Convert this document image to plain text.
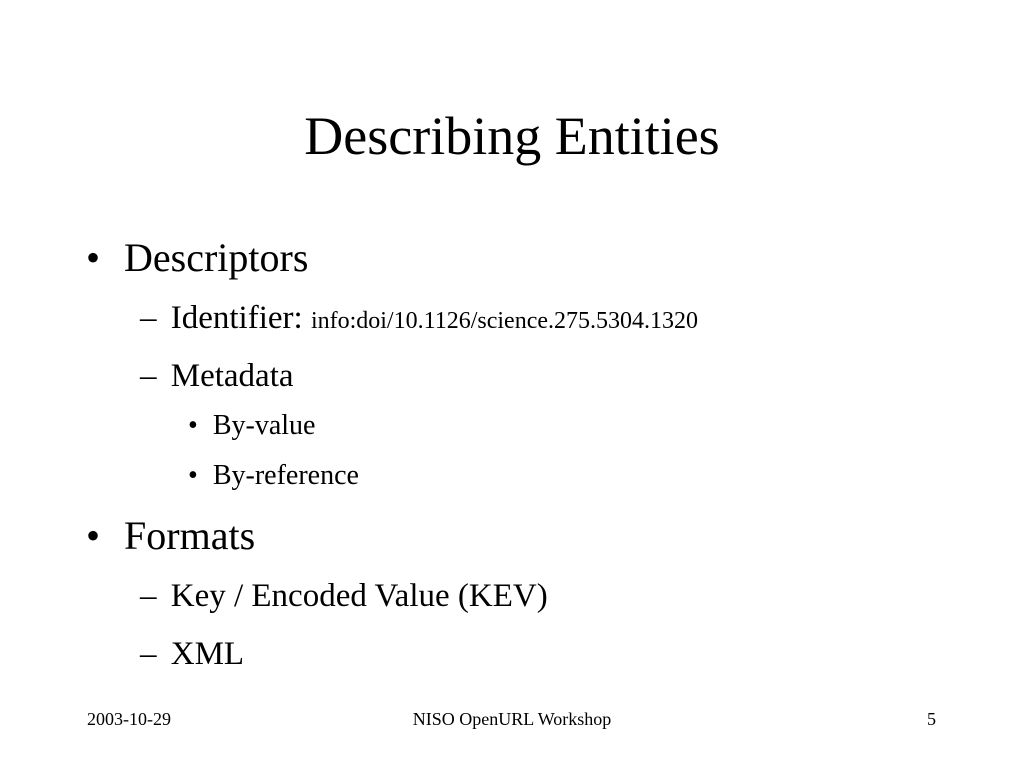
Describing Entities
• Descriptors
– Identifier: info:doi/10.1126/science.275.5304.1320
– Metadata
• By-value
• By-reference
• Formats
– Key / Encoded Value (KEV)
– XML
2003-10-29	NISO OpenURL Workshop	5
